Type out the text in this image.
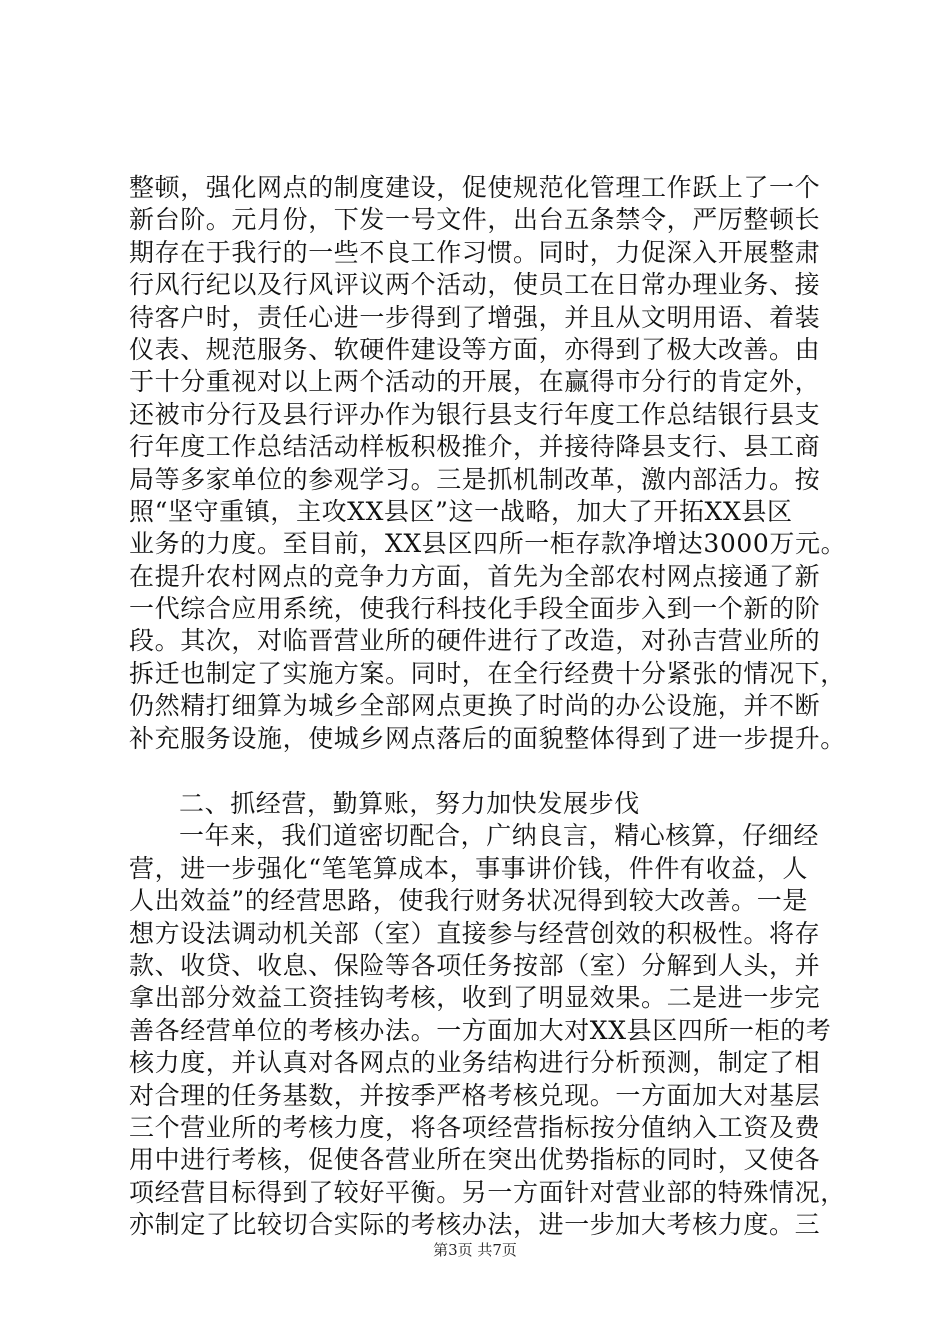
整顿，强化网点的制度建设，促使规范化管理工作跃上了一个
新台阶。元月份，下发一号文件，出台五条禁令，严厉整顿长
期存在于我行的一些不良工作习惯。同时，力促深入开展整肃
行风行纪以及行风评议两个活动，使员工在日常办理业务、接
待客户时，责任心进一步得到了增强，并且从文明用语、着装
仪表、规范服务、软硬件建设等方面，亦得到了极大改善。由
于十分重视对以上两个活动的开展，在赢得市分行的肯定外，
还被市分行及县行评办作为银行县支行年度工作总结银行县支
行年度工作总结活动样板积极推介，并接待降县支行、县工商
局等多家单位的参观学习。三是抓机制改革，激内部活力。按
照“坚守重镇，主攻XX县区”这一战略，加大了开拓XX县区
业务的力度。至目前，XX县区四所一柜存款净增达3000万元。
在提升农村网点的竞争力方面，首先为全部农村网点接通了新
一代综合应用系统，使我行科技化手段全面步入到一个新的阶
段。其次，对临晋营业所的硬件进行了改造，对孙吉营业所的
拆迁也制定了实施方案。同时，在全行经费十分紧张的情况下，
仍然精打细算为城乡全部网点更换了时尚的办公设施，并不断
补充服务设施，使城乡网点落后的面貌整体得到了进一步提升。
二、抓经营，勤算账，努力加快发展步伐
一年来，我们道密切配合，广纳良言，精心核算，仔细经
营，进一步强化“笔笔算成本，事事讲价钱，件件有收益，人
人出效益”的经营思路，使我行财务状况得到较大改善。一是
想方设法调动机关部（室）直接参与经营创效的积极性。将存
款、收贷、收息、保险等各项任务按部（室）分解到人头，并
拿出部分效益工资挂钩考核，收到了明显效果。二是进一步完
善各经营单位的考核办法。一方面加大对XX县区四所一柜的考
核力度，并认真对各网点的业务结构进行分析预测，制定了相
对合理的任务基数，并按季严格考核兑现。一方面加大对基层
三个营业所的考核力度，将各项经营指标按分值纳入工资及费
用中进行考核，促使各营业所在突出优势指标的同时，又使各
项经营目标得到了较好平衡。另一方面针对营业部的特殊情况，
亦制定了比较切合实际的考核办法，进一步加大考核力度。三
第3页 共7页
